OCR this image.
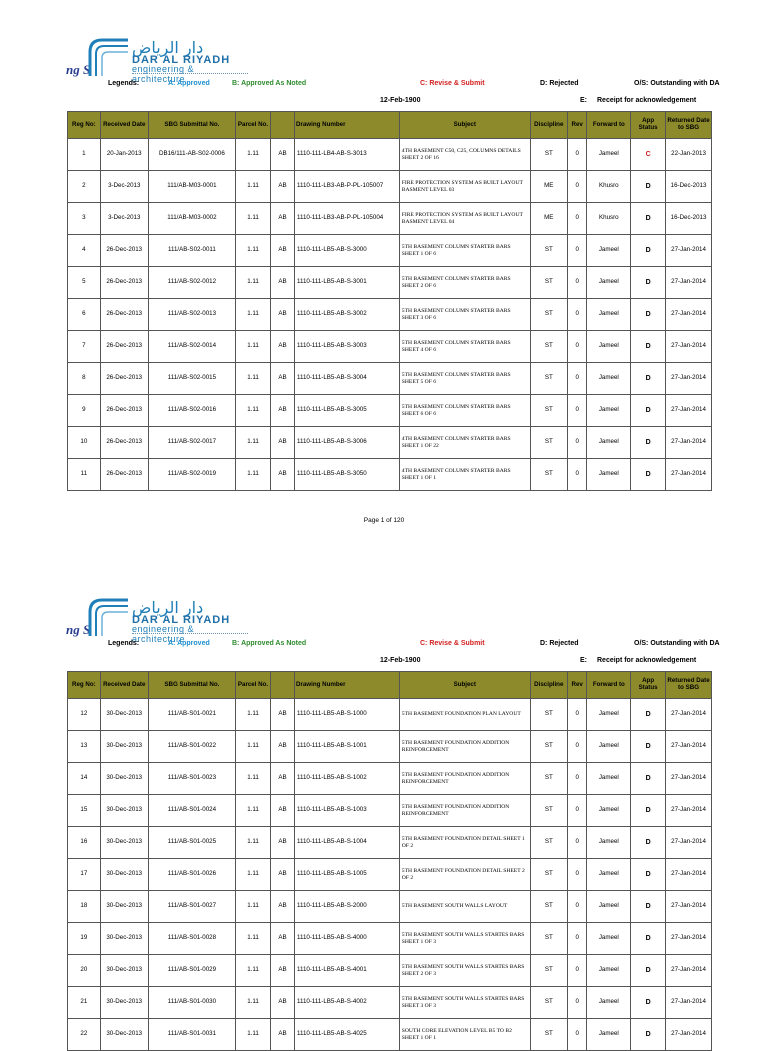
ng S
دار الرياض
DAR AL RIYADH
engineering & architecture
Legends:	A: Approved	B: Approved As Noted	C: Revise & Submit	D: Rejected	O/S: Outstanding with DA
12-Feb-1900	E: Receipt for acknowledgement
Reg No:	Received Date	SBG Submittal No.	Parcel No.		Drawing Number	Subject	Discipline	Rev	Forward to	App Status	Returned Date to SBG
1	20-Jan-2013	DB16/111-AB-S02-0006	1.11	AB	1110-111-LB4-AB-S-3013	4TH BASEMENT C50, C25, COLUMNS DETAILS SHEET 2 OF 16	ST	0	Jameel	C	22-Jan-2013
2	3-Dec-2013	111/AB-M03-0001	1.11	AB	1110-111-LB3-AB-P-PL-105007	FIRE PROTECTION SYSTEM AS BUILT LAYOUT BASMENT LEVEL 03	ME	0	Khusro	D	16-Dec-2013
3	3-Dec-2013	111/AB-M03-0002	1.11	AB	1110-111-LB3-AB-P-PL-105004	FIRE PROTECTION SYSTEM AS BUILT LAYOUT BASMENT LEVEL 04	ME	0	Khusro	D	16-Dec-2013
4	26-Dec-2013	111/AB-S02-0011	1.11	AB	1110-111-LB5-AB-S-3000	5TH BASEMENT COLUMN STARTER BARS SHEET 1 OF 6	ST	0	Jameel	D	27-Jan-2014
5	26-Dec-2013	111/AB-S02-0012	1.11	AB	1110-111-LB5-AB-S-3001	5TH BASEMENT COLUMN STARTER BARS SHEET 2 OF 6	ST	0	Jameel	D	27-Jan-2014
6	26-Dec-2013	111/AB-S02-0013	1.11	AB	1110-111-LB5-AB-S-3002	5TH BASEMENT COLUMN STARTER BARS SHEET 3 OF 6	ST	0	Jameel	D	27-Jan-2014
7	26-Dec-2013	111/AB-S02-0014	1.11	AB	1110-111-LB5-AB-S-3003	5TH BASEMENT COLUMN STARTER BARS SHEET 4 OF 6	ST	0	Jameel	D	27-Jan-2014
8	26-Dec-2013	111/AB-S02-0015	1.11	AB	1110-111-LB5-AB-S-3004	5TH BASEMENT COLUMN STARTER BARS SHEET 5 OF 6	ST	0	Jameel	D	27-Jan-2014
9	26-Dec-2013	111/AB-S02-0016	1.11	AB	1110-111-LB5-AB-S-3005	5TH BASEMENT COLUMN STARTER BARS SHEET 6 OF 6	ST	0	Jameel	D	27-Jan-2014
10	26-Dec-2013	111/AB-S02-0017	1.11	AB	1110-111-LB5-AB-S-3006	4TH BASEMENT COLUMN STARTER BARS SHEET 1 OF 22	ST	0	Jameel	D	27-Jan-2014
11	26-Dec-2013	111/AB-S02-0019	1.11	AB	1110-111-LB5-AB-S-3050	4TH BASEMENT COLUMN STARTER BARS SHEET 1 OF 1	ST	0	Jameel	D	27-Jan-2014
Page 1 of 120
ng S
دار الرياض
DAR AL RIYADH
engineering & architecture
Legends:	A: Approved	B: Approved As Noted	C: Revise & Submit	D: Rejected	O/S: Outstanding with DA
12-Feb-1900	E: Receipt for acknowledgement
Reg No:	Received Date	SBG Submittal No.	Parcel No.		Drawing Number	Subject	Discipline	Rev	Forward to	App Status	Returned Date to SBG
12	30-Dec-2013	111/AB-S01-0021	1.11	AB	1110-111-LB5-AB-S-1000	5TH BASEMENT FOUNDATION PLAN LAYOUT	ST	0	Jameel	D	27-Jan-2014
13	30-Dec-2013	111/AB-S01-0022	1.11	AB	1110-111-LB5-AB-S-1001	5TH BASEMENT FOUNDATION ADDITION REINFORCEMENT	ST	0	Jameel	D	27-Jan-2014
14	30-Dec-2013	111/AB-S01-0023	1.11	AB	1110-111-LB5-AB-S-1002	5TH BASEMENT FOUNDATION ADDITION REINFORCEMENT	ST	0	Jameel	D	27-Jan-2014
15	30-Dec-2013	111/AB-S01-0024	1.11	AB	1110-111-LB5-AB-S-1003	5TH BASEMENT FOUNDATION ADDITION REINFORCEMENT	ST	0	Jameel	D	27-Jan-2014
16	30-Dec-2013	111/AB-S01-0025	1.11	AB	1110-111-LB5-AB-S-1004	5TH BASEMENT FOUNDATION DETAIL SHEET 1 OF 2	ST	0	Jameel	D	27-Jan-2014
17	30-Dec-2013	111/AB-S01-0026	1.11	AB	1110-111-LB5-AB-S-1005	5TH BASEMENT FOUNDATION DETAIL SHEET 2 OF 2	ST	0	Jameel	D	27-Jan-2014
18	30-Dec-2013	111/AB-S01-0027	1.11	AB	1110-111-LB5-AB-S-2000	5TH BASEMENT SOUTH WALLS LAYOUT	ST	0	Jameel	D	27-Jan-2014
19	30-Dec-2013	111/AB-S01-0028	1.11	AB	1110-111-LB5-AB-S-4000	5TH BASEMENT SOUTH WALLS STARTES BARS SHEET 1 OF 3	ST	0	Jameel	D	27-Jan-2014
20	30-Dec-2013	111/AB-S01-0029	1.11	AB	1110-111-LB5-AB-S-4001	5TH BASEMENT SOUTH WALLS STARTES BARS SHEET 2 OF 3	ST	0	Jameel	D	27-Jan-2014
21	30-Dec-2013	111/AB-S01-0030	1.11	AB	1110-111-LB5-AB-S-4002	5TH BASEMENT SOUTH WALLS STARTES BARS SHEET 3 OF 3	ST	0	Jameel	D	27-Jan-2014
22	30-Dec-2013	111/AB-S01-0031	1.11	AB	1110-111-LB5-AB-S-4025	SOUTH CORE ELEVATION LEVEL B5 TO B2 SHEET 1 OF 1	ST	0	Jameel	D	27-Jan-2014
